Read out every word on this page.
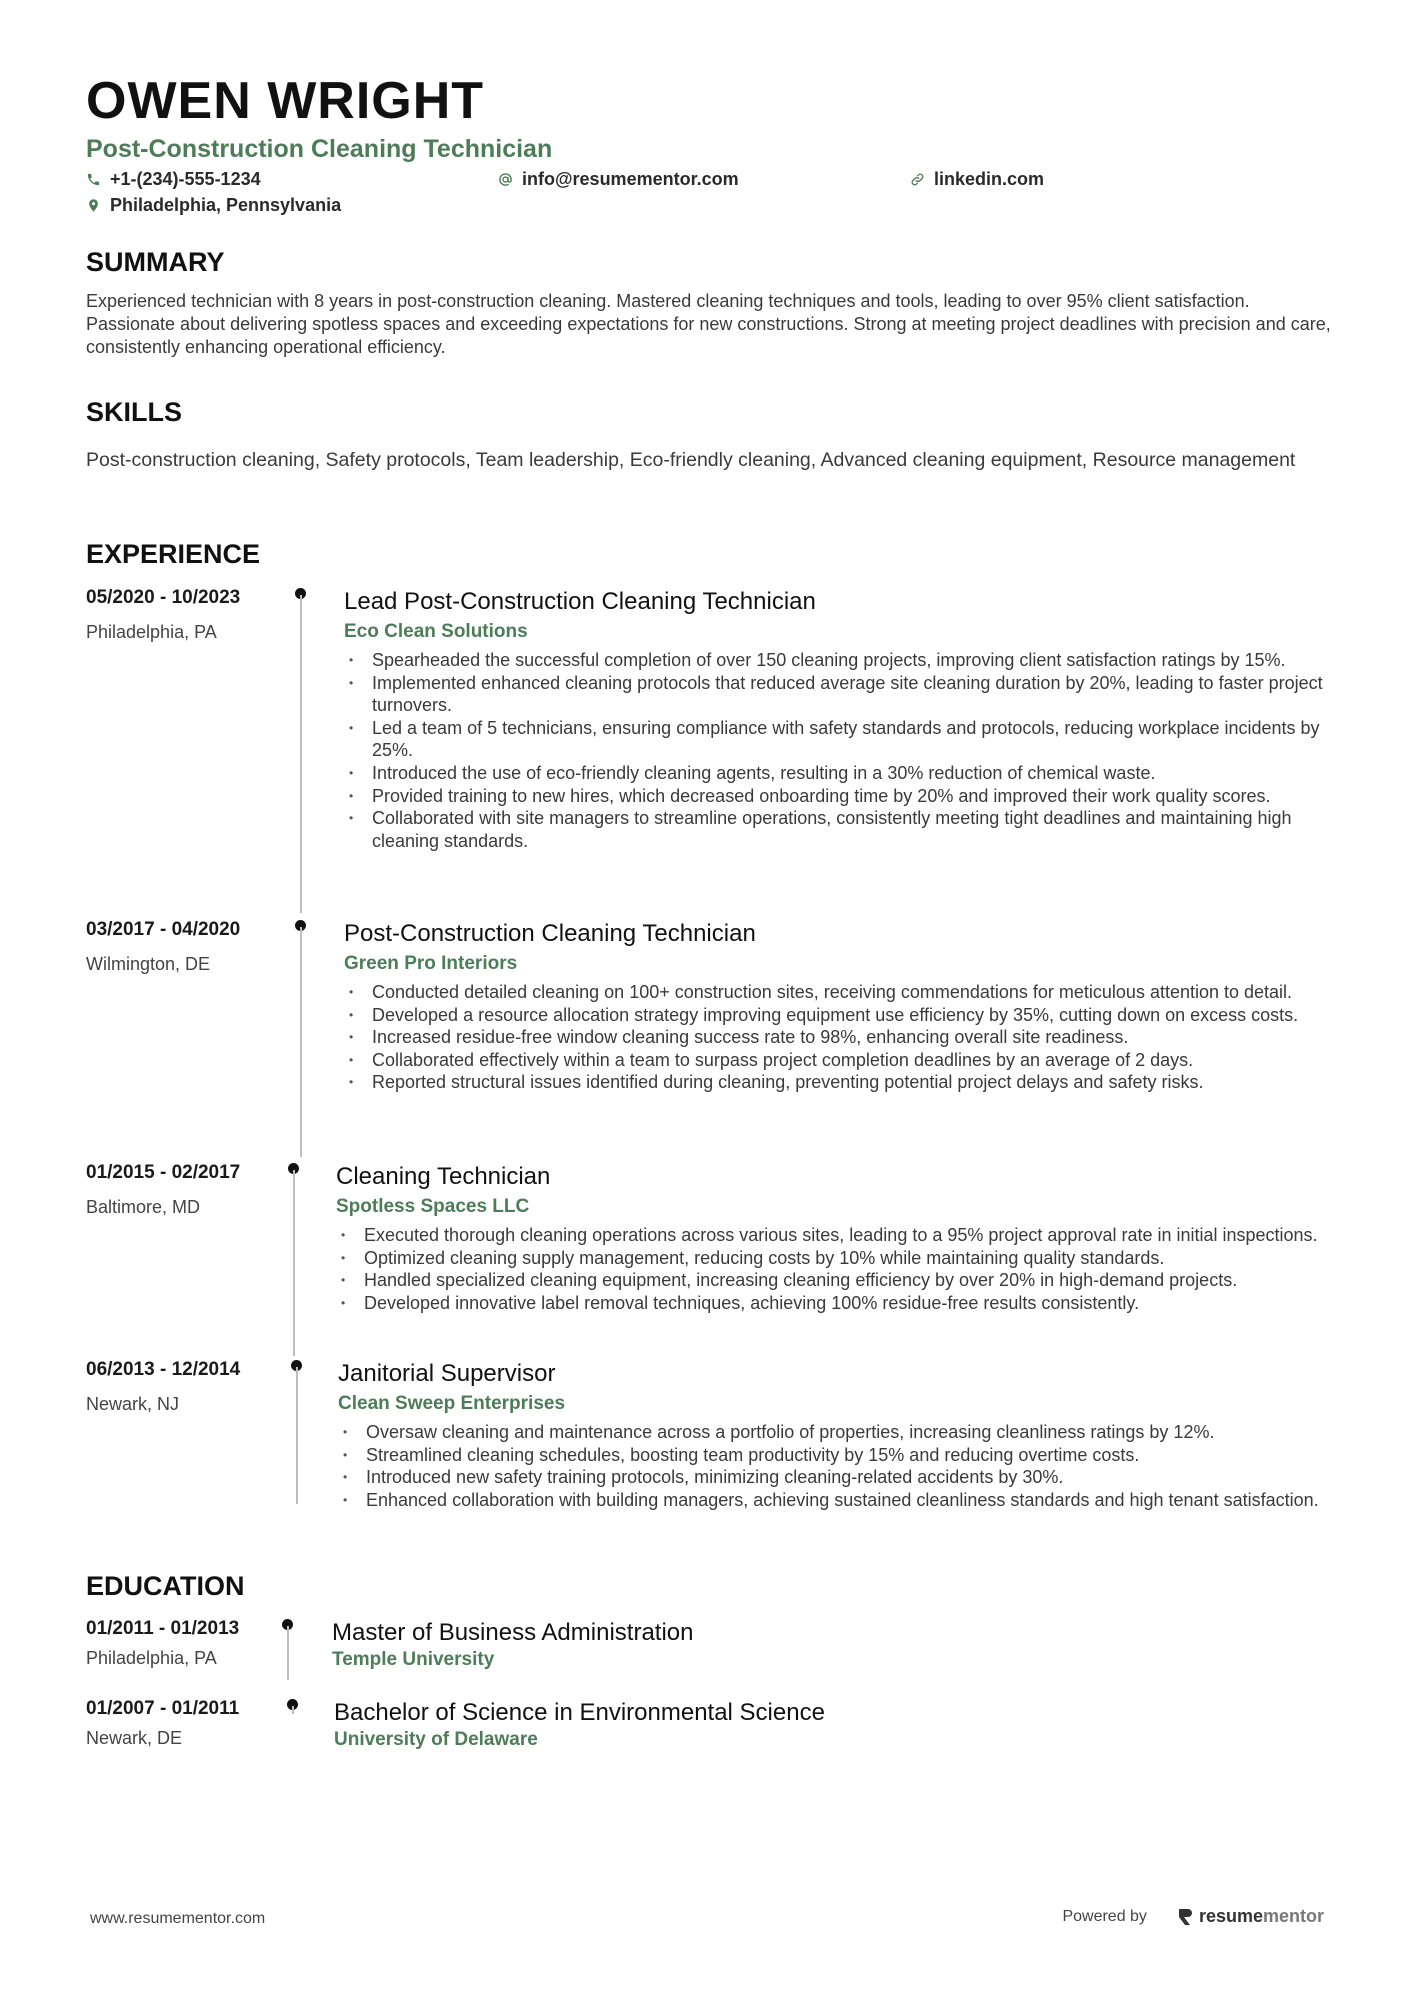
OWEN WRIGHT
Post-Construction Cleaning Technician
+1-(234)-555-1234	info@resumementor.com	linkedin.com
Philadelphia, Pennsylvania
SUMMARY
Experienced technician with 8 years in post-construction cleaning. Mastered cleaning techniques and tools, leading to over 95% client satisfaction. Passionate about delivering spotless spaces and exceeding expectations for new constructions. Strong at meeting project deadlines with precision and care, consistently enhancing operational efficiency.
SKILLS
Post-construction cleaning, Safety protocols, Team leadership, Eco-friendly cleaning, Advanced cleaning equipment, Resource management
EXPERIENCE
05/2020 - 10/2023
Philadelphia, PA
Lead Post-Construction Cleaning Technician
Eco Clean Solutions
• Spearheaded the successful completion of over 150 cleaning projects, improving client satisfaction ratings by 15%.
• Implemented enhanced cleaning protocols that reduced average site cleaning duration by 20%, leading to faster project turnovers.
• Led a team of 5 technicians, ensuring compliance with safety standards and protocols, reducing workplace incidents by 25%.
• Introduced the use of eco-friendly cleaning agents, resulting in a 30% reduction of chemical waste.
• Provided training to new hires, which decreased onboarding time by 20% and improved their work quality scores.
• Collaborated with site managers to streamline operations, consistently meeting tight deadlines and maintaining high cleaning standards.
03/2017 - 04/2020
Wilmington, DE
Post-Construction Cleaning Technician
Green Pro Interiors
• Conducted detailed cleaning on 100+ construction sites, receiving commendations for meticulous attention to detail.
• Developed a resource allocation strategy improving equipment use efficiency by 35%, cutting down on excess costs.
• Increased residue-free window cleaning success rate to 98%, enhancing overall site readiness.
• Collaborated effectively within a team to surpass project completion deadlines by an average of 2 days.
• Reported structural issues identified during cleaning, preventing potential project delays and safety risks.
01/2015 - 02/2017
Baltimore, MD
Cleaning Technician
Spotless Spaces LLC
• Executed thorough cleaning operations across various sites, leading to a 95% project approval rate in initial inspections.
• Optimized cleaning supply management, reducing costs by 10% while maintaining quality standards.
• Handled specialized cleaning equipment, increasing cleaning efficiency by over 20% in high-demand projects.
• Developed innovative label removal techniques, achieving 100% residue-free results consistently.
06/2013 - 12/2014
Newark, NJ
Janitorial Supervisor
Clean Sweep Enterprises
• Oversaw cleaning and maintenance across a portfolio of properties, increasing cleanliness ratings by 12%.
• Streamlined cleaning schedules, boosting team productivity by 15% and reducing overtime costs.
• Introduced new safety training protocols, minimizing cleaning-related accidents by 30%.
• Enhanced collaboration with building managers, achieving sustained cleanliness standards and high tenant satisfaction.
EDUCATION
01/2011 - 01/2013
Philadelphia, PA
Master of Business Administration
Temple University
01/2007 - 01/2011
Newark, DE
Bachelor of Science in Environmental Science
University of Delaware
www.resumementor.com	Powered by	resume mentor
